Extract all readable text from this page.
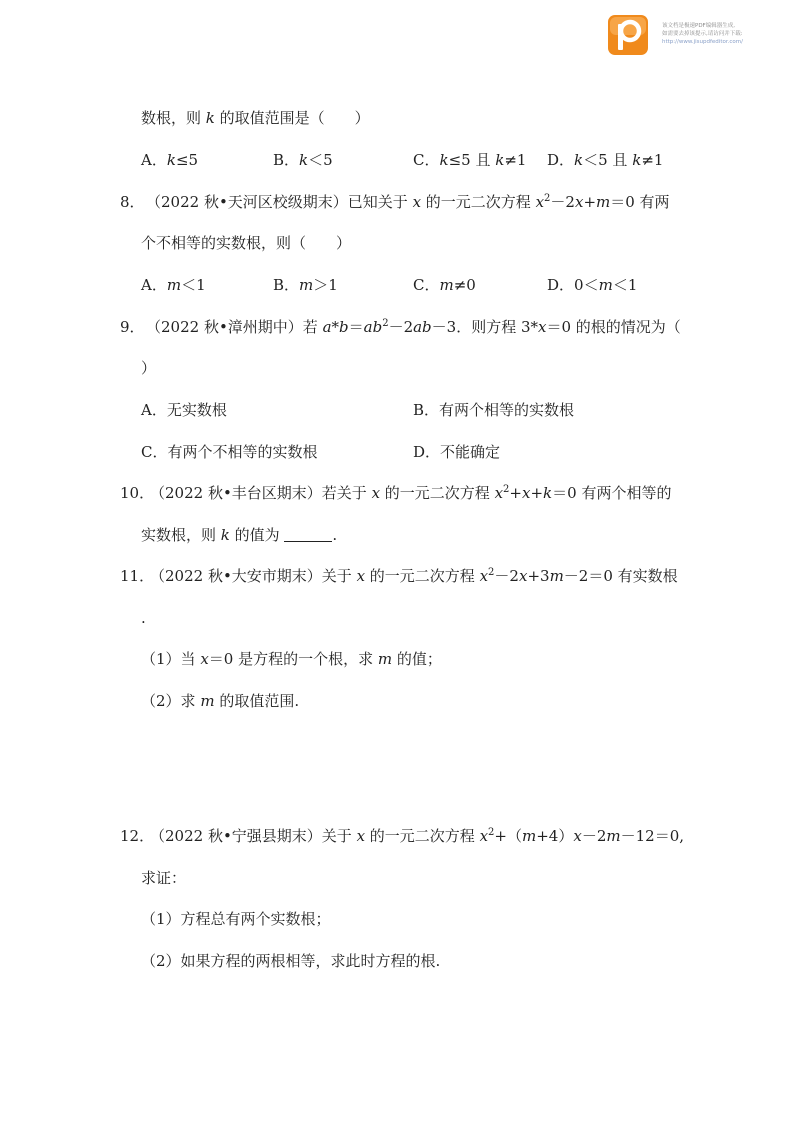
该文档是极速PDF编辑器生成,
如需要去掉该提示,请访问并下载:
http://www.jisupdfeditor.com/
数根，则 k 的取值范围是（　　）
A．k≤5	B．k＜5	C．k≤5 且 k≠1 D．k＜5 且 k≠1
8． （2022 秋•天河区校级期末）已知关于 x 的一元二次方程 $x^2-2x+m=0$ 有两
个不相等的实数根，则（　　）
A．m＜1	B．m＞1	C．m≠0	D．0＜m＜1
9． （2022 秋•漳州期中）若 $a*b=ab^2-2ab-3$．则方程 3*x＝0 的根的情况为（
）
A．无实数根	B．有两个相等的实数根
C．有两个不相等的实数根	D．不能确定
10．
（2022 秋•丰台区期末）若关于 x 的一元二次方程 $x^2+x+k=0$ 有两个相等的
实数根，则 k 的值为	.
11．
（2022 秋•大安市期末）关于 x 的一元二次方程 $x^2-2x+3m-2=0$ 有实数根
.
（1）当 x＝0 是方程的一个根，求 m 的值；
（2）求 m 的取值范围.
12．
（2022 秋•宁强县期末）关于 x 的一元二次方程 $x^2+(m+4)x-2m-12=0$,
求证：
（1）方程总有两个实数根；
（2）如果方程的两根相等，求此时方程的根.
